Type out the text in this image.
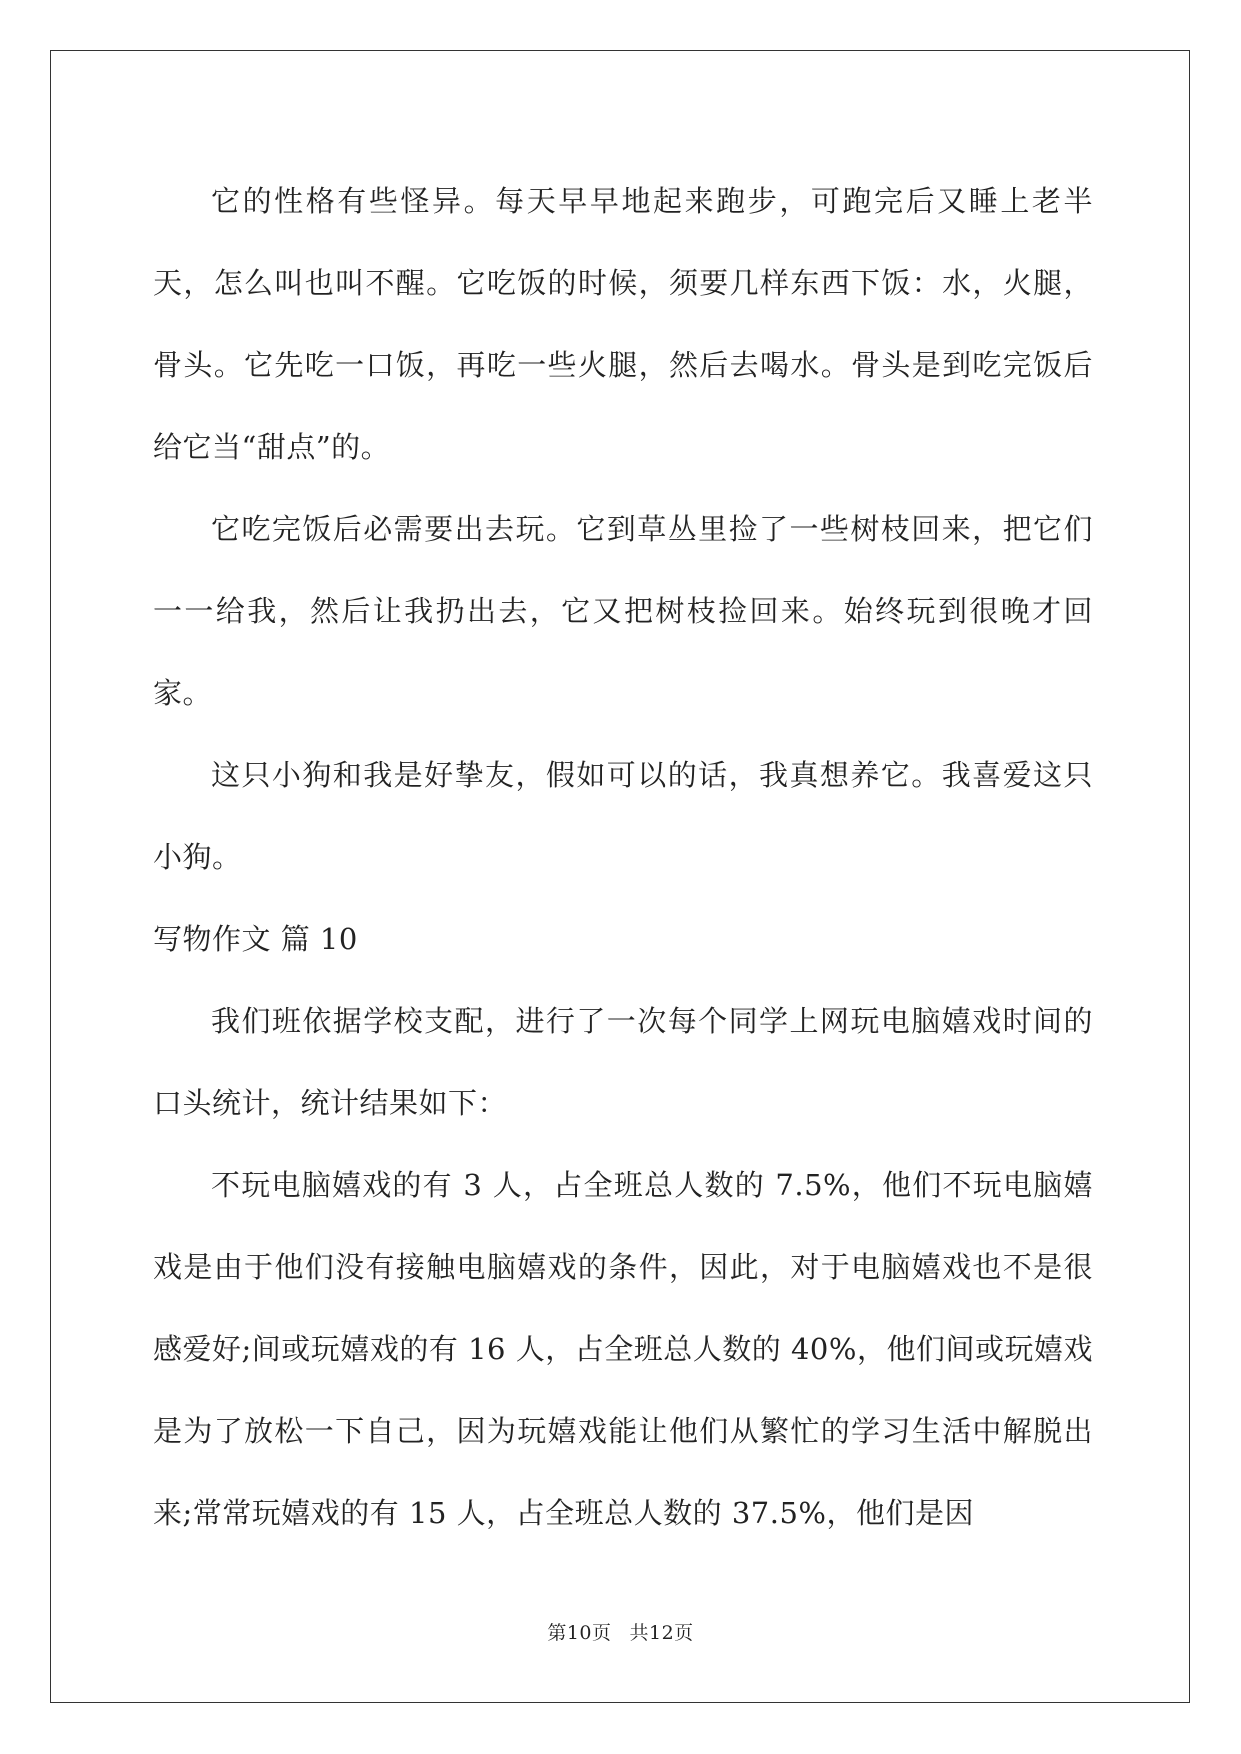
它的性格有些怪异。每天早早地起来跑步，可跑完后又睡上老半天，怎么叫也叫不醒。它吃饭的时候，须要几样东西下饭：水，火腿，骨头。它先吃一口饭，再吃一些火腿，然后去喝水。骨头是到吃完饭后给它当“甜点”的。

它吃完饭后必需要出去玩。它到草丛里捡了一些树枝回来，把它们一一给我，然后让我扔出去，它又把树枝捡回来。始终玩到很晚才回家。

这只小狗和我是好挚友，假如可以的话，我真想养它。我喜爱这只小狗。

写物作文 篇 10

我们班依据学校支配，进行了一次每个同学上网玩电脑嬉戏时间的口头统计，统计结果如下：

不玩电脑嬉戏的有 3 人，占全班总人数的 7.5%，他们不玩电脑嬉戏是由于他们没有接触电脑嬉戏的条件，因此，对于电脑嬉戏也不是很感爱好;间或玩嬉戏的有 16 人，占全班总人数的 40%，他们间或玩嬉戏是为了放松一下自己，因为玩嬉戏能让他们从繁忙的学习生活中解脱出来;常常玩嬉戏的有 15 人，占全班总人数的 37.5%，他们是因

第10页 共12页
